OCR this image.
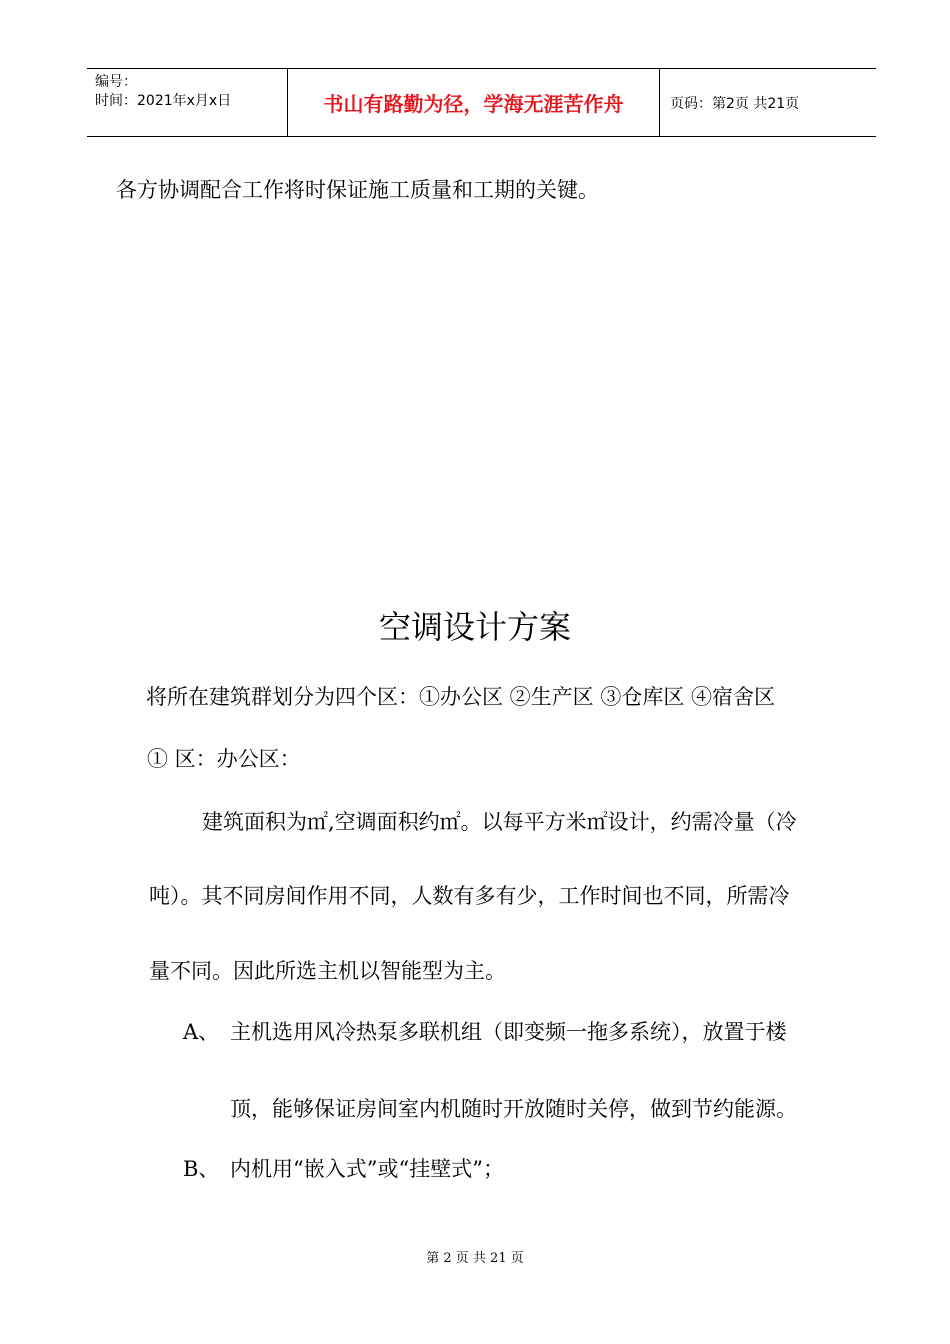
编号：
时间：2021年x月x日	书山有路勤为径，学海无涯苦作舟	页码：第2页 共21页
各方协调配合工作将时保证施工质量和工期的关键。
空调设计方案
将所在建筑群划分为四个区：①办公区 ②生产区 ③仓库区 ④宿舍区
① 区：办公区：
建筑面积为㎡,空调面积约㎡。以每平方米㎡设计，约需冷量（冷
吨）。其不同房间作用不同，人数有多有少，工作时间也不同，所需冷
量不同。因此所选主机以智能型为主。
A、 主机选用风冷热泵多联机组（即变频一拖多系统），放置于楼
顶，能够保证房间室内机随时开放随时关停，做到节约能源。
B、 内机用“嵌入式”或“挂壁式”；
第 2 页 共 21 页
